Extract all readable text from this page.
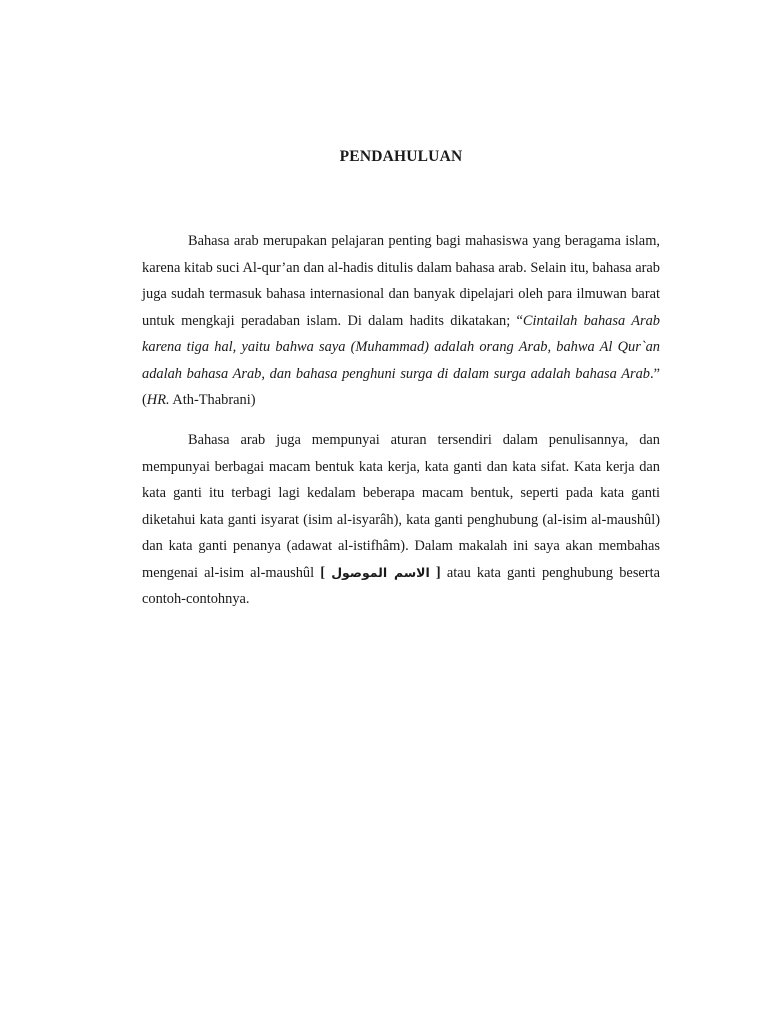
PENDAHULUAN

Bahasa arab merupakan pelajaran penting bagi mahasiswa yang beragama islam, karena kitab suci Al-qur’an dan al-hadis ditulis dalam bahasa arab. Selain itu, bahasa arab juga sudah termasuk bahasa internasional dan banyak dipelajari oleh para ilmuwan barat untuk mengkaji peradaban islam. Di dalam hadits dikatakan; “Cintailah bahasa Arab karena tiga hal, yaitu bahwa saya (Muhammad) adalah orang Arab, bahwa Al Qur`an adalah bahasa Arab, dan bahasa penghuni surga di dalam surga adalah bahasa Arab.” (HR. Ath-Thabrani)

Bahasa arab juga mempunyai aturan tersendiri dalam penulisannya, dan mempunyai berbagai macam bentuk kata kerja, kata ganti dan kata sifat. Kata kerja dan kata ganti itu terbagi lagi kedalam beberapa macam bentuk, seperti pada kata ganti diketahui kata ganti isyarat (isim al-isyarâh), kata ganti penghubung (al-isim al-maushûl) dan kata ganti penanya (adawat al-istifhâm). Dalam makalah ini saya akan membahas mengenai al-isim al-maushûl [ الاسم الموصول ] atau kata ganti penghubung beserta contoh-contohnya.
